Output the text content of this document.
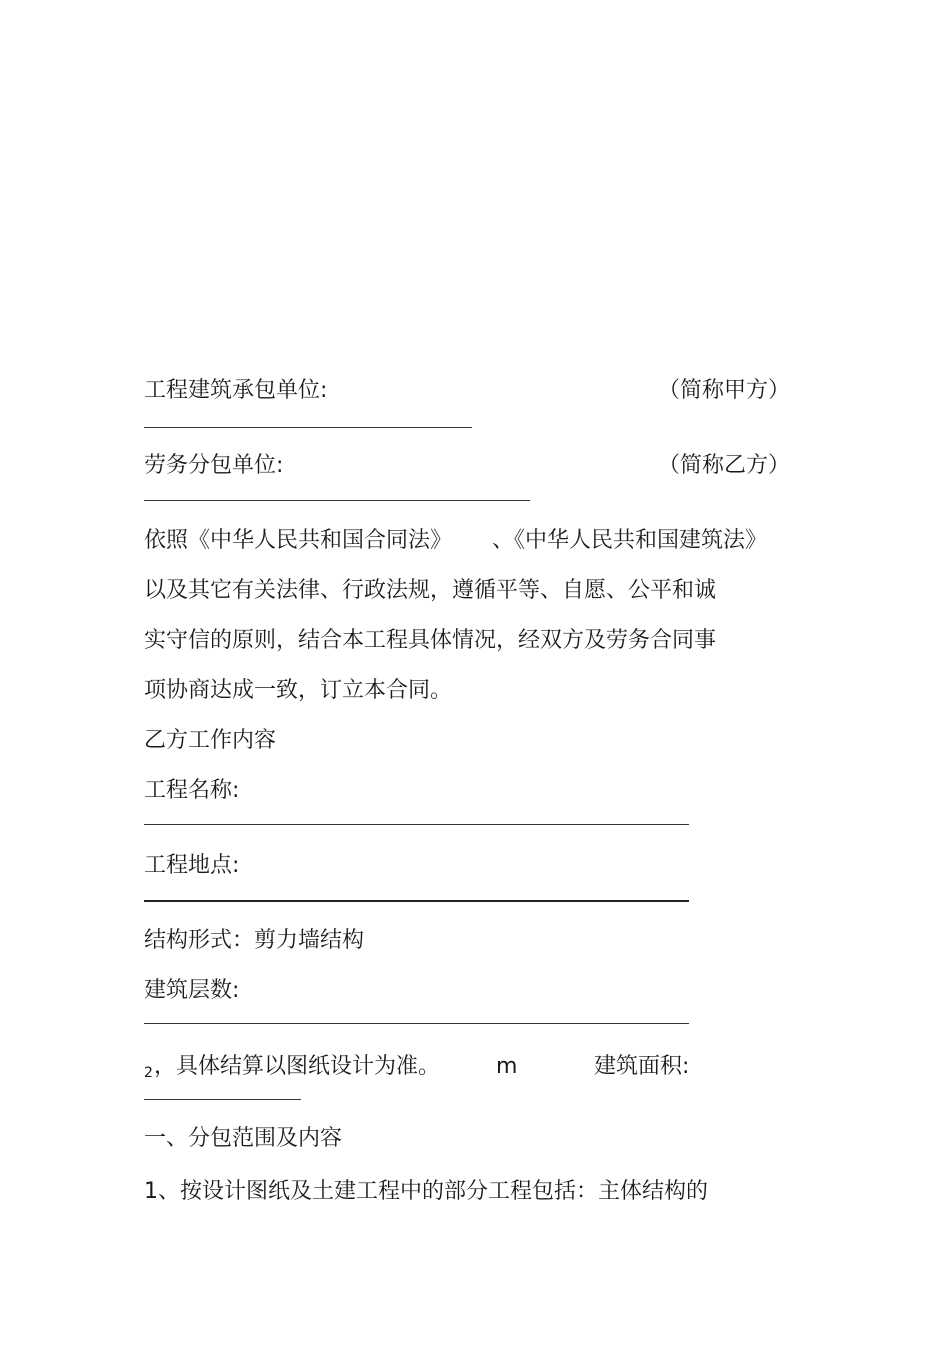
工程建筑承包单位:	（简称甲方）
劳务分包单位:	（简称乙方）
依照《中华人民共和国合同法》 、《中华人民共和国建筑法》
以及其它有关法律、行政法规，遵循平等、自愿、公平和诚
实守信的原则，结合本工程具体情况，经双方及劳务合同事
项协商达成一致，订立本合同。
乙方工作内容
工程名称:
工程地点:
结构形式：剪力墙结构
建筑层数:
2 ，具体结算以图纸设计为准。	m	建筑面积:
一、分包范围及内容
1、按设计图纸及土建工程中的部分工程包括：主体结构的
